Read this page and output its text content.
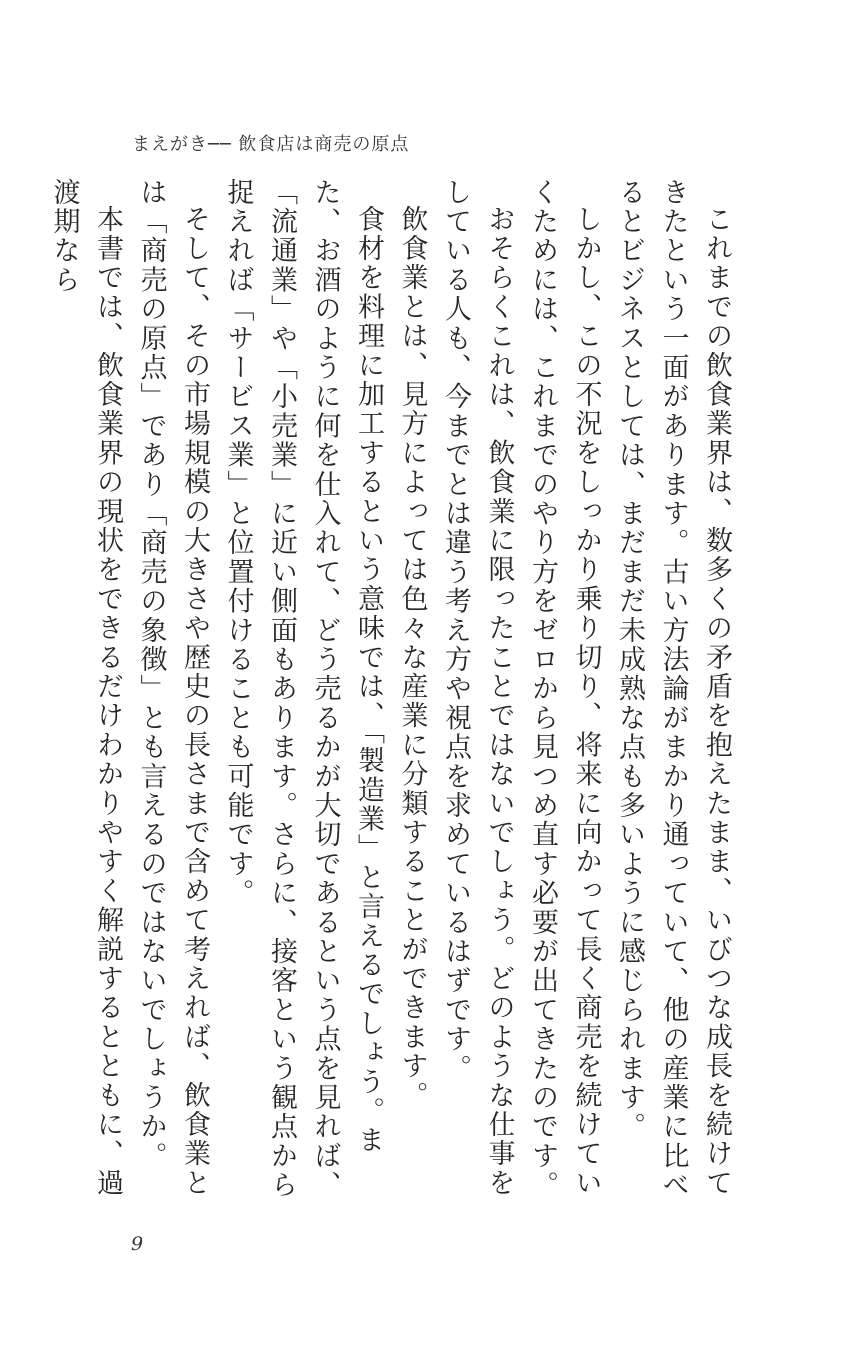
まえがき── 飲食店は商売の原点

これまでの飲食業界は、数多くの矛盾を抱えたまま、いびつな成長を続けてきたという一面があります。古い方法論がまかり通っていて、他の産業に比べるとビジネスとしては、まだまだ未成熟な点も多いように感じられます。

しかし、この不況をしっかり乗り切り、将来に向かって長く商売を続けていくためには、これまでのやり方をゼロから見つめ直す必要が出てきたのです。

おそらくこれは、飲食業に限ったことではないでしょう。どのような仕事をしている人も、今までとは違う考え方や視点を求めているはずです。

飲食業とは、見方によっては色々な産業に分類することができます。

食材を料理に加工するという意味では、「製造業」と言えるでしょう。また、お酒のように何を仕入れて、どう売るかが大切であるという点を見れば、「流通業」や「小売業」に近い側面もあります。さらに、接客という観点から捉えれば「サービス業」と位置付けることも可能です。

そして、その市場規模の大きさや歴史の長さまで含めて考えれば、飲食業とは「商売の原点」であり「商売の象徴」とも言えるのではないでしょうか。

本書では、飲食業界の現状をできるだけわかりやすく解説するとともに、過渡期なら

9
